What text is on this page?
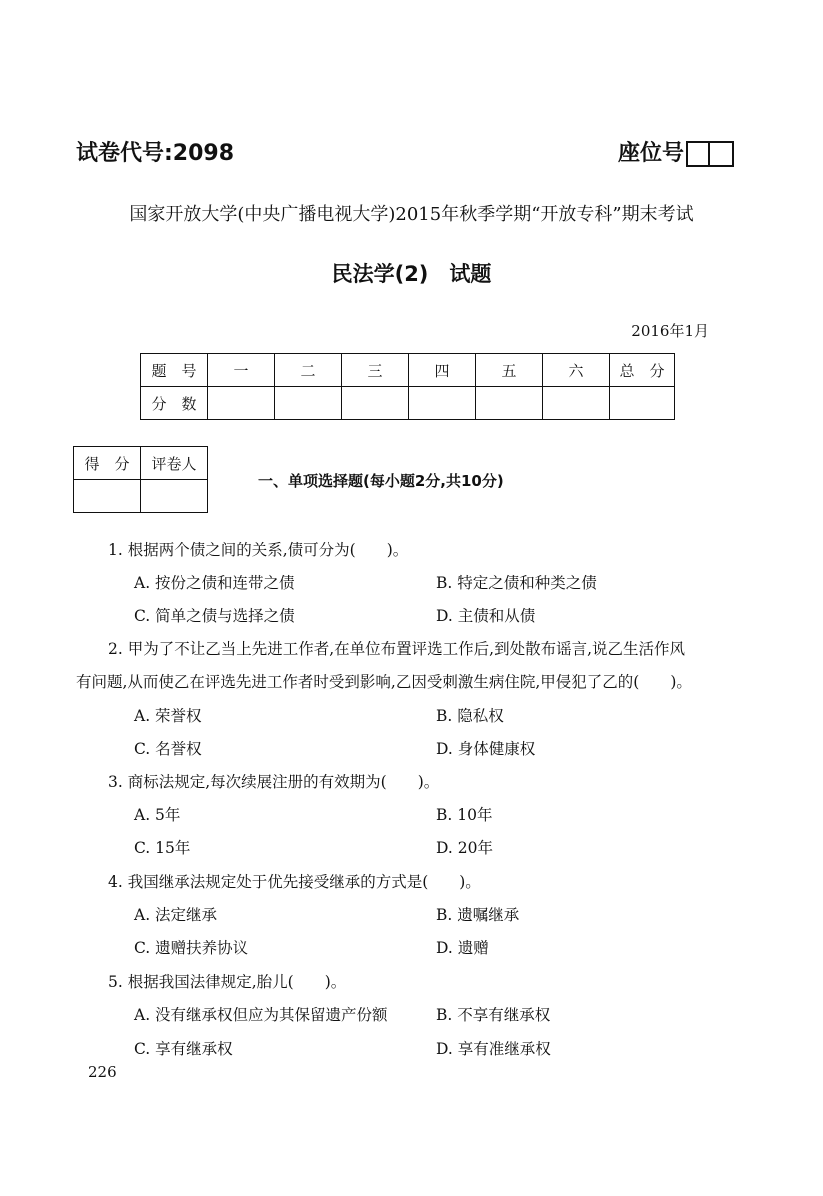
试卷代号:2098	座位号
国家开放大学(中央广播电视大学)2015年秋季学期“开放专科”期末考试
民法学(2)　试题
2016年1月
题　号	一	二	三	四	五	六	总　分
分　数							
得　分	评卷人

一、单项选择题(每小题2分,共10分)
1. 根据两个债之间的关系,债可分为(　　)。
A. 按份之债和连带之债	B. 特定之债和种类之债
C. 简单之债与选择之债	D. 主债和从债
2. 甲为了不让乙当上先进工作者,在单位布置评选工作后,到处散布谣言,说乙生活作风
有问题,从而使乙在评选先进工作者时受到影响,乙因受刺激生病住院,甲侵犯了乙的(　　)。
A. 荣誉权	B. 隐私权
C. 名誉权	D. 身体健康权
3. 商标法规定,每次续展注册的有效期为(　　)。
A. 5年	B. 10年
C. 15年	D. 20年
4. 我国继承法规定处于优先接受继承的方式是(　　)。
A. 法定继承	B. 遗嘱继承
C. 遗赠扶养协议	D. 遗赠
5. 根据我国法律规定,胎儿(　　)。
A. 没有继承权但应为其保留遗产份额	B. 不享有继承权
C. 享有继承权	D. 享有准继承权
226
